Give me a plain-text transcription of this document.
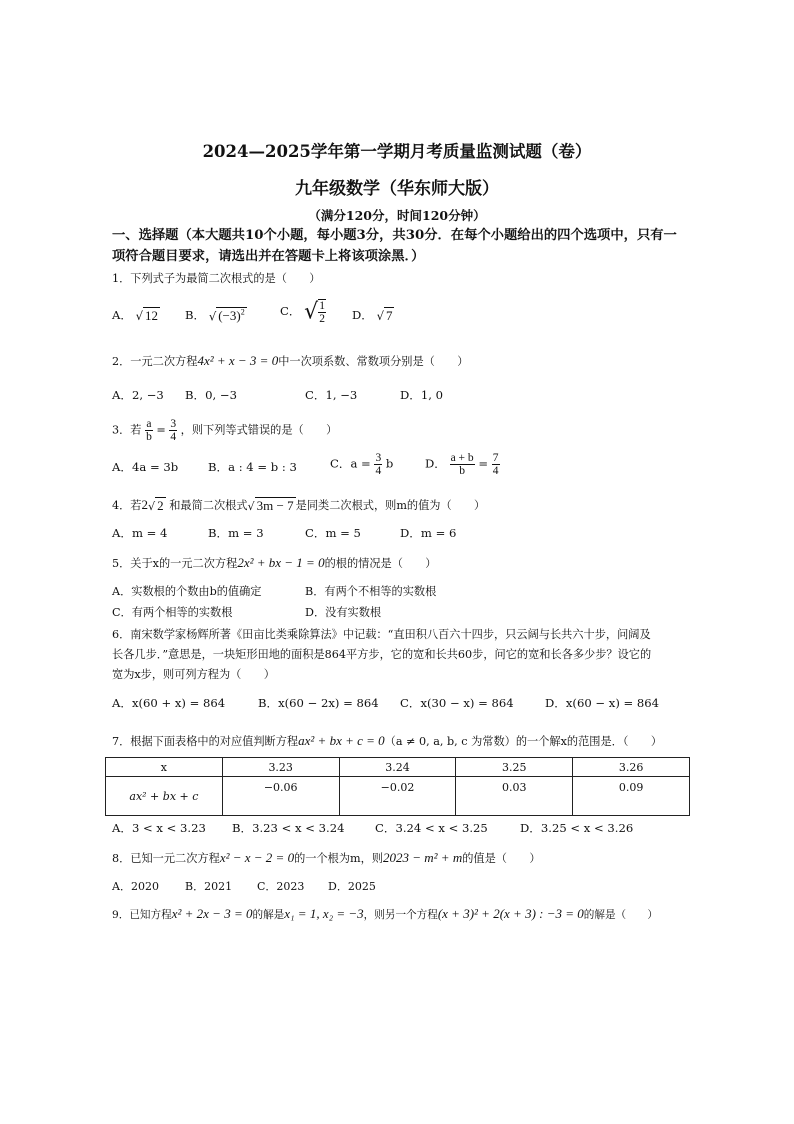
2024—2025学年第一学期月考质量监测试题（卷）
九年级数学（华东师大版）
（满分120分，时间120分钟）
一、选择题（本大题共10个小题，每小题3分，共30分．在每个小题给出的四个选项中，只有一
项符合题目要求，请选出并在答题卡上将该项涂黑．）
1．下列式子为最简二次根式的是（　　）
A． √ 12 B． √ $(-3)^2$	C． √ $\frac{1}{2}$ D． √ 7
2．一元二次方程4x² + x − 3 = 0中一次项系数、常数项分别是（　　）
A．2, −3 B．0, −3	C．1, −3	D．1, 0
3．若 $\frac{a}{b} = \frac{3}{4}$ ，则下列等式错误的是（　　）
A．4a = 3b	B．a : 4 = b : 3	C．$a = \frac{3}{4}$ b	D． $\frac{a + b}{b} = \frac{7}{4}$
4．若2√ 2 和最简二次根式√ 3m − 7 是同类二次根式，则m的值为（　　）
A．m = 4	B．m = 3	C．m = 5	D．m = 6
5．关于x的一元二次方程2x² + bx − 1 = 0的根的情况是（　　）
A．实数根的个数由b的值确定	B．有两个不相等的实数根
C．有两个相等的实数根	D．没有实数根
6．南宋数学家杨辉所著《田亩比类乘除算法》中记载：“直田积八百六十四步，只云阔与长共六十步，问阔及
长各几步．”意思是，一块矩形田地的面积是864平方步，它的宽和长共60步，问它的宽和长各多少步？设它的
宽为x步，则可列方程为（　　）
A．x(60 + x) = 864	B．x(60 − 2x) = 864 C．x(30 − x) = 864	D．x(60 − x) = 864
7．根据下面表格中的对应值判断方程ax² + bx + c = 0（a ≠ 0, a, b, c 为常数）的一个解x的范围是．（　　）
x	3.23	3.24	3.25	3.26
ax² + bx + c	−0.06	−0.02	0.03	0.09
A．3 < x < 3.23 B．3.23 < x < 3.24	C．3.24 < x < 3.25	D．3.25 < x < 3.26
8．已知一元二次方程x² − x − 2 = 0的一个根为m，则2023 − m² + m的值是（　　）
A．2020 B．2021 C．2023 D．2025
9．已知方程x² + 2x − 3 = 0的解是x₁ = 1, x₂ = −3，则另一个方程(x + 3)² + 2(x + 3) : −3 = 0的解是（　　）
